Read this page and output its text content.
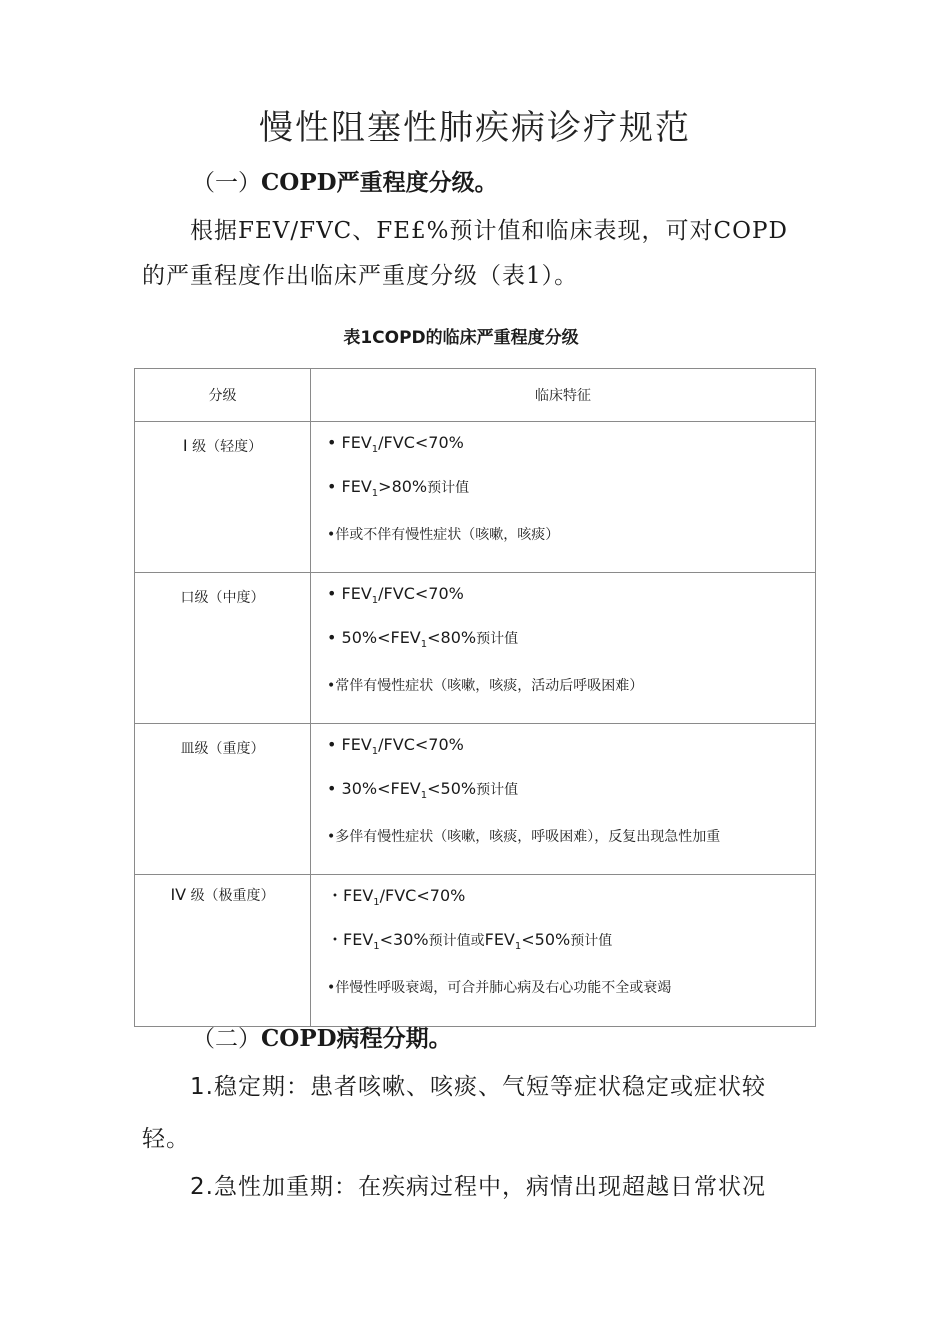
慢性阻塞性肺疾病诊疗规范
（一）COPD严重程度分级。
根据FEV/FVC、FE£%预计值和临床表现，可对COPD
的严重程度作出临床严重度分级（表1）。
表1COPD的临床严重程度分级
分级	临床特征
I 级（轻度）	• $FEV_1/FVC<70\%$
• $FEV_1>80\%$预计值
•伴或不伴有慢性症状（咳嗽，咳痰）

口级（中度）	• $FEV_1/FVC<70\%$
• $50\%<FEV_1<80\%$预计值
•常伴有慢性症状（咳嗽，咳痰，活动后呼吸困难）

皿级（重度）	• $FEV_1/FVC<70\%$
• $30\%<FEV_1<50\%$预计值
•多伴有慢性症状（咳嗽，咳痰，呼吸困难），反复出现急性加重

IV 级（极重度）	・$FEV_1/FVC<70\%$
・$FEV_1<30\%$预计值或$FEV_1<50\%$预计值
•伴慢性呼吸衰竭，可合并肺心病及右心功能不全或衰竭
（二）COPD病程分期。
1.稳定期：患者咳嗽、咳痰、气短等症状稳定或症状较
轻。
2.急性加重期：在疾病过程中，病情出现超越日常状况
